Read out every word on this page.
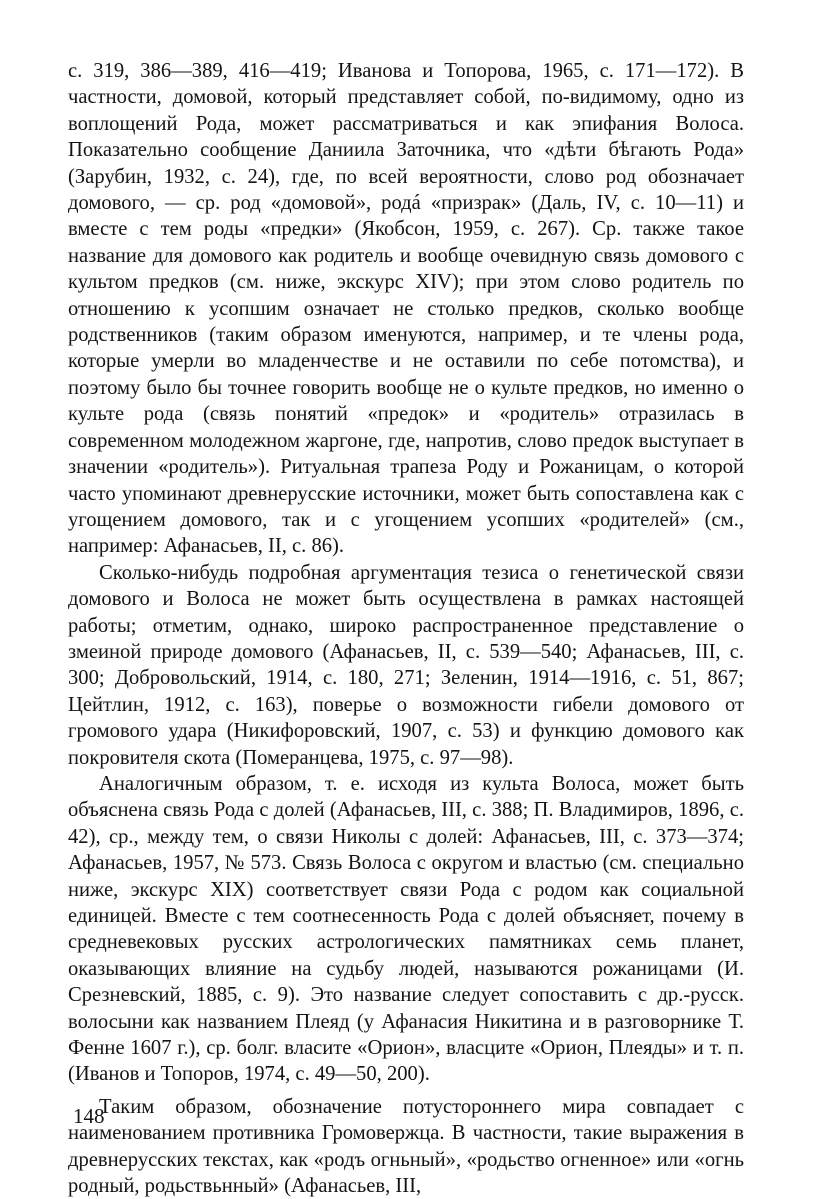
с. 319, 386—389, 416—419; Иванова и Топорова, 1965, с. 171—172). В частности, домовой, который представляет собой, по-видимому, одно из воплощений Рода, может рассматриваться и как эпифания Волоса. Показательно сообщение Даниила Заточника, что «дѣти бѣгають Рода» (Зарубин, 1932, с. 24), где, по всей вероятности, слово род обозначает домового, — ср. род «домовой», родá «призрак» (Даль, IV, с. 10—11) и вместе с тем роды «предки» (Якобсон, 1959, с. 267). Ср. также такое название для домового как родитель и вообще очевидную связь домового с культом предков (см. ниже, экскурс XIV); при этом слово родитель по отношению к усопшим означает не столько предков, сколько вообще родственников (таким образом именуются, например, и те члены рода, которые умерли во младенчестве и не оставили по себе потомства), и поэтому было бы точнее говорить вообще не о культе предков, но именно о культе рода (связь понятий «предок» и «родитель» отразилась в современном молодежном жаргоне, где, напротив, слово предок выступает в значении «родитель»). Ритуальная трапеза Роду и Рожаницам, о которой часто упоминают древнерусские источники, может быть сопоставлена как с угощением домового, так и с угощением усопших «родителей» (см., например: Афанасьев, II, с. 86).

Сколько-нибудь подробная аргументация тезиса о генетической связи домового и Волоса не может быть осуществлена в рамках настоящей работы; отметим, однако, широко распространенное представление о змеиной природе домового (Афанасьев, II, с. 539—540; Афанасьев, III, с. 300; Добровольский, 1914, с. 180, 271; Зеленин, 1914—1916, с. 51, 867; Цейтлин, 1912, с. 163), поверье о возможности гибели домового от громового удара (Никифоровский, 1907, с. 53) и функцию домового как покровителя скота (Померанцева, 1975, с. 97—98).

Аналогичным образом, т. е. исходя из культа Волоса, может быть объяснена связь Рода с долей (Афанасьев, III, с. 388; П. Владимиров, 1896, с. 42), ср., между тем, о связи Николы с долей: Афанасьев, III, с. 373—374; Афанасьев, 1957, № 573. Связь Волоса с округом и властью (см. специально ниже, экскурс XIX) соответствует связи Рода с родом как социальной единицей. Вместе с тем соотнесенность Рода с долей объясняет, почему в средневековых русских астрологических памятниках семь планет, оказывающих влияние на судьбу людей, называются рожаницами (И. Срезневский, 1885, с. 9). Это название следует сопоставить с др.-русск. волосыни как названием Плеяд (у Афанасия Никитина и в разговорнике Т. Фенне 1607 г.), ср. болг. власите «Орион», власците «Орион, Плеяды» и т. п. (Иванов и Топоров, 1974, с. 49—50, 200).

Таким образом, обозначение потустороннего мира совпадает с наименованием противника Громовержца. В частности, такие выражения в древнерусских текстах, как «родъ огньный», «родьство огненное» или «огнь родный, родьствьнный» (Афанасьев, III,

148
